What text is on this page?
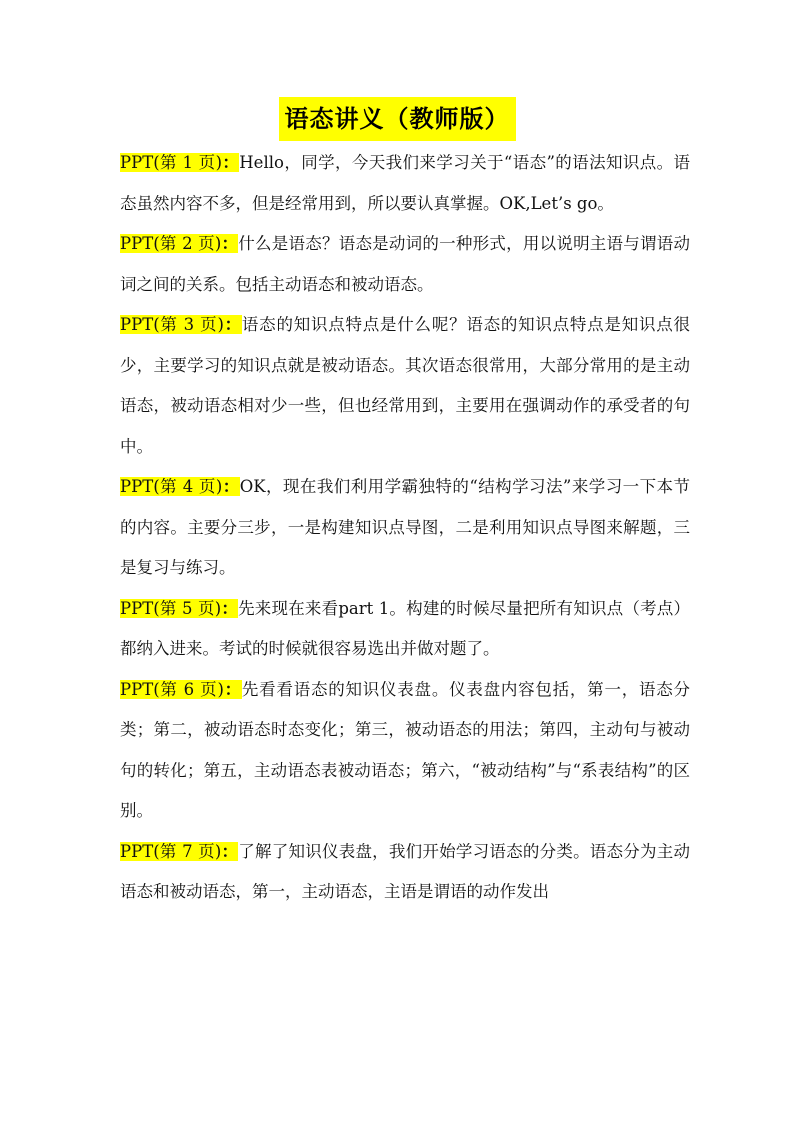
语态讲义（教师版）

PPT(第 1 页)：Hello，同学，今天我们来学习关于“语态”的语法知识点。语态虽然内容不多，但是经常用到，所以要认真掌握。OK,Let’s go。

PPT(第 2 页)：什么是语态？语态是动词的一种形式，用以说明主语与谓语动词之间的关系。包括主动语态和被动语态。

PPT(第 3 页)：语态的知识点特点是什么呢？语态的知识点特点是知识点很少，主要学习的知识点就是被动语态。其次语态很常用，大部分常用的是主动语态，被动语态相对少一些，但也经常用到，主要用在强调动作的承受者的句中。

PPT(第 4 页)：OK，现在我们利用学霸独特的“结构学习法”来学习一下本节的内容。主要分三步，一是构建知识点导图，二是利用知识点导图来解题，三是复习与练习。

PPT(第 5 页)：先来现在来看part 1。构建的时候尽量把所有知识点（考点）都纳入进来。考试的时候就很容易选出并做对题了。

PPT(第 6 页)：先看看语态的知识仪表盘。仪表盘内容包括，第一，语态分类；第二，被动语态时态变化；第三，被动语态的用法；第四，主动句与被动句的转化；第五，主动语态表被动语态；第六，“被动结构”与“系表结构”的区别。

PPT(第 7 页)：了解了知识仪表盘，我们开始学习语态的分类。语态分为主动语态和被动语态，第一，主动语态，主语是谓语的动作发出
